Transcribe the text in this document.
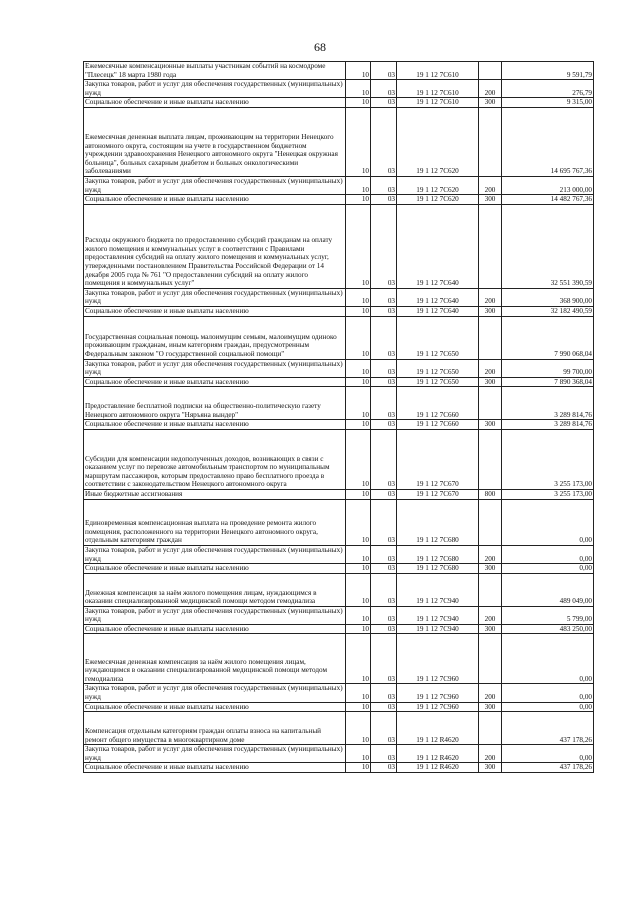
68
Ежемесячные компенсационные выплаты участникам событий на космодроме "Плесецк" 18 марта 1980 года	10	03	19 1 12 7С610		9 591,79
Закупка товаров, работ и услуг для обеспечения государственных (муниципальных) нужд	10	03	19 1 12 7С610	200	276,79
Социальное обеспечение и иные выплаты населению	10	03	19 1 12 7С610	300	9 315,00
Ежемесячная денежная выплата лицам, проживающим на территории Ненецкого автономного округа, состоящим на учете в государственном бюджетном учреждении здравоохранения Ненецкого автономного округа "Ненецкая окружная больница", больных сахарным диабетом и больных онкологическими заболеваниями	10	03	19 1 12 7С620		14 695 767,36
Закупка товаров, работ и услуг для обеспечения государственных (муниципальных) нужд	10	03	19 1 12 7С620	200	213 000,00
Социальное обеспечение и иные выплаты населению	10	03	19 1 12 7С620	300	14 482 767,36
Расходы окружного бюджета по предоставлению субсидий гражданам на оплату жилого помещения и коммунальных услуг в соответствии с Правилами предоставления субсидий на оплату жилого помещения и коммунальных услуг, утвержденными постановлением Правительства Российской Федерации от 14 декабря 2005 года № 761 "О предоставлении субсидий на оплату жилого помещения и коммунальных услуг"	10	03	19 1 12 7С640		32 551 390,59
Закупка товаров, работ и услуг для обеспечения государственных (муниципальных) нужд	10	03	19 1 12 7С640	200	368 900,00
Социальное обеспечение и иные выплаты населению	10	03	19 1 12 7С640	300	32 182 490,59
Государственная социальная помощь малоимущим семьям, малоимущим одиноко проживающим гражданам, иным категориям граждан, предусмотренным Федеральным законом "О государственной социальной помощи"	10	03	19 1 12 7С650		7 990 068,04
Закупка товаров, работ и услуг для обеспечения государственных (муниципальных) нужд	10	03	19 1 12 7С650	200	99 700,00
Социальное обеспечение и иные выплаты населению	10	03	19 1 12 7С650	300	7 890 368,04
Предоставление бесплатной подписки на общественно-политическую газету Ненецкого автономного округа "Няръяна вындер"	10	03	19 1 12 7С660		3 289 814,76
Социальное обеспечение и иные выплаты населению	10	03	19 1 12 7С660	300	3 289 814,76
Субсидии для компенсации недополученных доходов, возникающих в связи с оказанием услуг по перевозке автомобильным транспортом по муниципальным маршрутам пассажиров, которым предоставлено право бесплатного проезда в соответствии с законодательством Ненецкого автономного округа	10	03	19 1 12 7С670		3 255 173,00
Иные бюджетные ассигнования	10	03	19 1 12 7С670	800	3 255 173,00
Единовременная компенсационная выплата на проведение ремонта жилого помещения, расположенного на территории Ненецкого автономного округа, отдельным категориям граждан	10	03	19 1 12 7С680		0,00
Закупка товаров, работ и услуг для обеспечения государственных (муниципальных) нужд	10	03	19 1 12 7С680	200	0,00
Социальное обеспечение и иные выплаты населению	10	03	19 1 12 7С680	300	0,00
Денежная компенсация за наём жилого помещения лицам, нуждающимся в оказании специализированной медицинской помощи методом гемодиализа	10	03	19 1 12 7С940		489 049,00
Закупка товаров, работ и услуг для обеспечения государственных (муниципальных) нужд	10	03	19 1 12 7С940	200	5 799,00
Социальное обеспечение и иные выплаты населению	10	03	19 1 12 7С940	300	483 250,00
Ежемесячная денежная компенсация за наём жилого помещения лицам, нуждающимся в оказании специализированной медицинской помощи методом гемодиализа	10	03	19 1 12 7С960		0,00
Закупка товаров, работ и услуг для обеспечения государственных (муниципальных) нужд	10	03	19 1 12 7С960	200	0,00
Социальное обеспечение и иные выплаты населению	10	03	19 1 12 7С960	300	0,00
Компенсация отдельным категориям граждан оплаты взноса на капитальный ремонт общего имущества в многоквартирном доме	10	03	19 1 12 R4620		437 178,26
Закупка товаров, работ и услуг для обеспечения государственных (муниципальных) нужд	10	03	19 1 12 R4620	200	0,00
Социальное обеспечение и иные выплаты населению	10	03	19 1 12 R4620	300	437 178,26
